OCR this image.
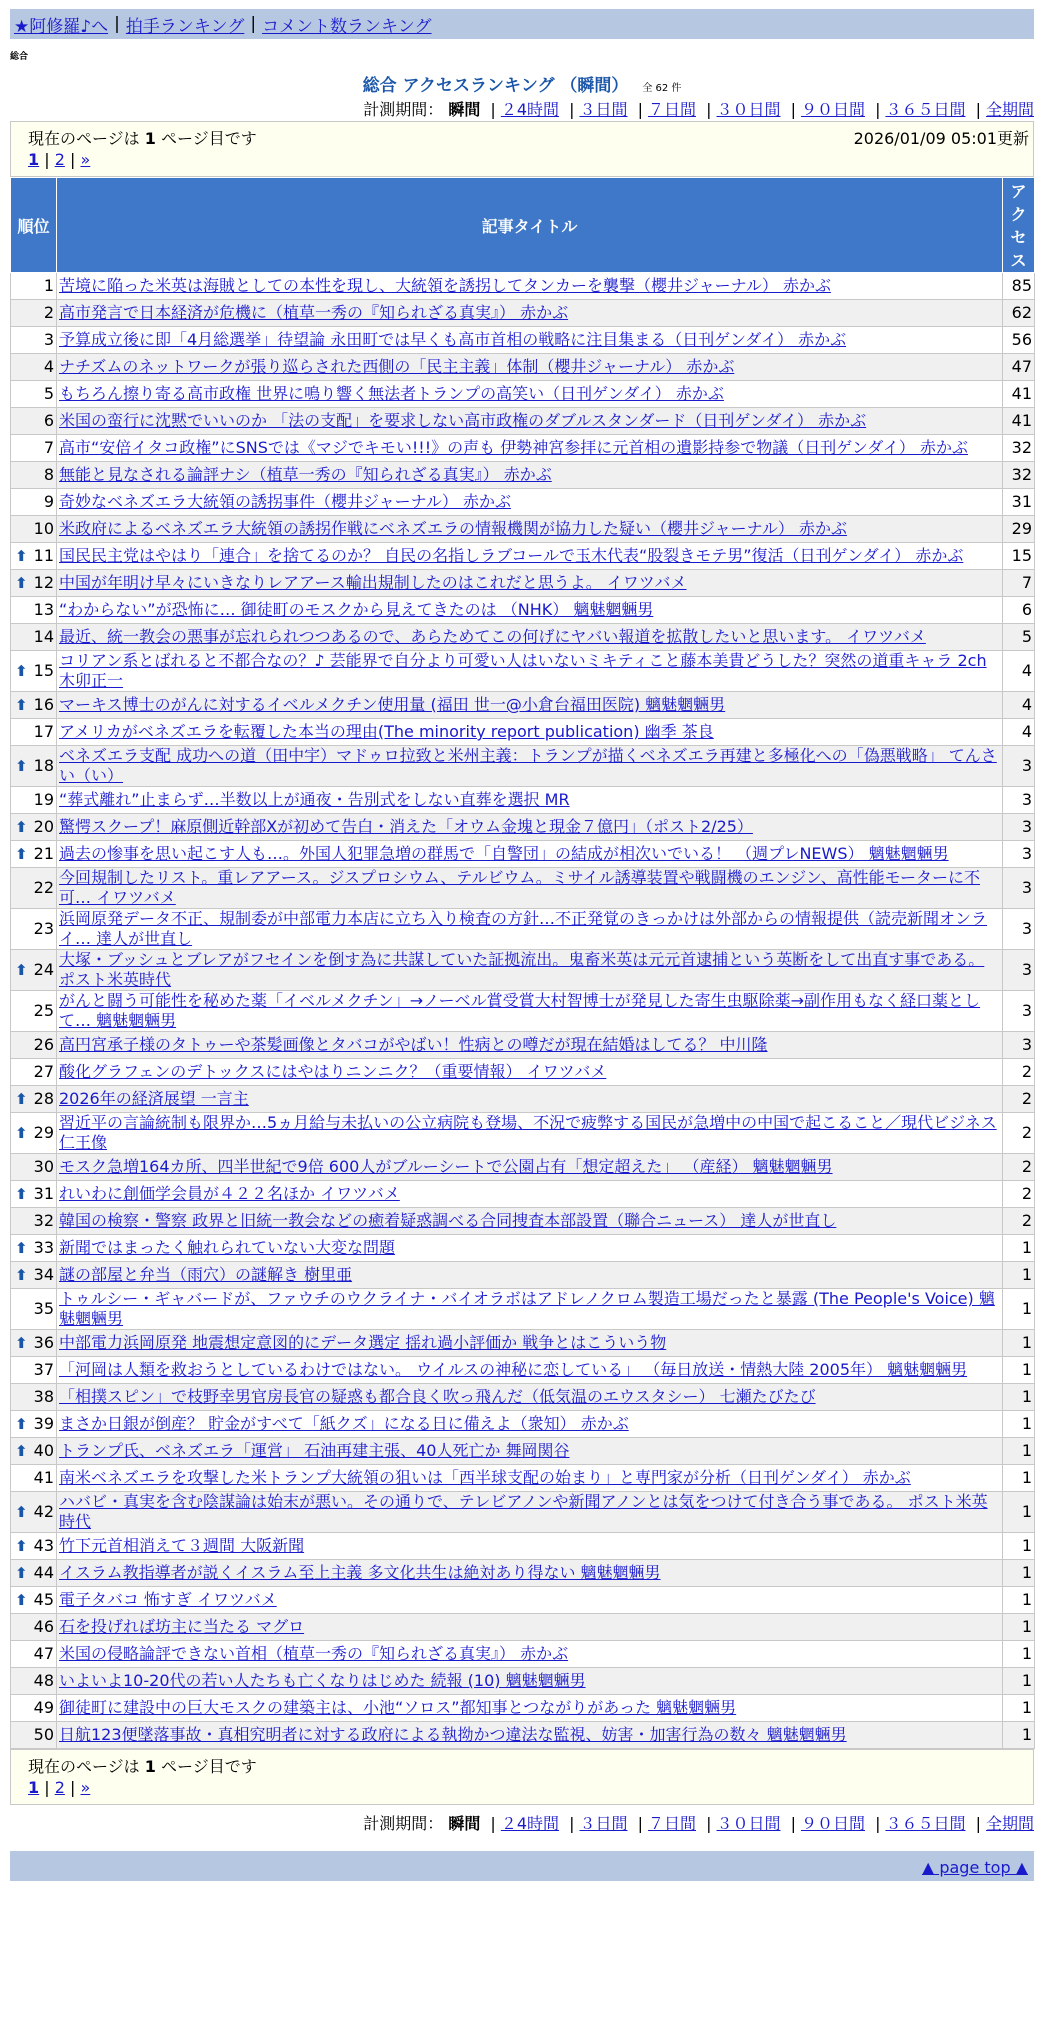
★阿修羅♪へ | 拍手ランキング | コメント数ランキング
総合
総合 アクセスランキング （瞬間） 全 62 件
計測期間： 瞬間 | ２4時間 | ３日間 | ７日間 | ３０日間 | ９０日間 | ３６５日間 | 全期間
現在のページは 1 ページ目です	2026/01/09 05:01更新
1 | 2 | »
順位	記事タイトル	アクセス
1	苦境に陥った米英は海賊としての本性を現し、大統領を誘拐してタンカーを襲撃（櫻井ジャーナル） 赤かぶ	85
2	高市発言で日本経済が危機に（植草一秀の『知られざる真実』） 赤かぶ	62
3	予算成立後に即「4月総選挙」待望論 永田町では早くも高市首相の戦略に注目集まる（日刊ゲンダイ） 赤かぶ	56
4	ナチズムのネットワークが張り巡らされた西側の「民主主義」体制（櫻井ジャーナル） 赤かぶ	47
5	もちろん擦り寄る高市政権 世界に鳴り響く無法者トランプの高笑い（日刊ゲンダイ） 赤かぶ	41
6	米国の蛮行に沈黙でいいのか 「法の支配」を要求しない高市政権のダブルスタンダード（日刊ゲンダイ） 赤かぶ	41
7	高市“安倍イタコ政権”にSNSでは《マジでキモい!!!》の声も 伊勢神宮参拝に元首相の遺影持参で物議（日刊ゲンダイ） 赤かぶ	32
8	無能と見なされる論評ナシ（植草一秀の『知られざる真実』） 赤かぶ	32
9	奇妙なベネズエラ大統領の誘拐事件（櫻井ジャーナル） 赤かぶ	31
10	米政府によるベネズエラ大統領の誘拐作戦にベネズエラの情報機関が協力した疑い（櫻井ジャーナル） 赤かぶ	29

⬆ 11	国民民主党はやはり「連合」を捨てるのか？ 自民の名指しラブコールで玉木代表“股裂きモテ男”復活（日刊ゲンダイ） 赤かぶ	15

⬆ 12	中国が年明け早々にいきなりレアアース輸出規制したのはこれだと思うよ。 イワツバメ	7
13	“わからない”が恐怖に… 御徒町のモスクから見えてきたのは （NHK） 魑魅魍魎男	6
14	最近、統一教会の悪事が忘れられつつあるので、あらためてこの何げにヤバい報道を拡散したいと思います。 イワツバメ	5

⬆ 15	コリアン系とばれると不都合なの？♪ 芸能界で自分より可愛い人はいないミキティこと藤本美貴どうした？突然の道重キャラ 2ch 木卯正一	4

⬆ 16	マーキス博士のがんに対するイベルメクチン使用量 (福田 世一@小倉台福田医院) 魑魅魍魎男	4
17	アメリカがベネズエラを転覆した本当の理由(The minority report publication) 幽季 茶良	4

⬆ 18	ベネズエラ支配 成功への道（田中宇）マドゥロ拉致と米州主義：トランプが描くベネズエラ再建と多極化への「偽悪戦略」 てんさい（い）	3
19	“葬式離れ”止まらず…半数以上が通夜・告別式をしない直葬を選択 MR	3

⬆ 20	驚愕スクープ！麻原側近幹部Xが初めて告白・消えた「オウム金塊と現金７億円」（ポスト2/25）	3

⬆ 21	過去の惨事を思い起こす人も…。外国人犯罪急増の群馬で「自警団」の結成が相次いでいる！ （週プレNEWS） 魑魅魍魎男	3
22	今回規制したリスト。重レアアース。ジスプロシウム、テルビウム。ミサイル誘導装置や戦闘機のエンジン、高性能モーターに不可… イワツバメ	3
23	浜岡原発データ不正、規制委が中部電力本店に立ち入り検査の方針…不正発覚のきっかけは外部からの情報提供（読売新聞オンライ… 達人が世直し	3

⬆ 24	大塚・ブッシュとブレアがフセインを倒す為に共謀していた証拠流出。鬼畜米英は元元首逮捕という英断をして出直す事である。 ポスト米英時代	3
25	がんと闘う可能性を秘めた薬「イベルメクチン」→ノーベル賞受賞大村智博士が発見した寄生虫駆除薬→副作用もなく経口薬として… 魑魅魍魎男	3
26	高円宮承子様のタトゥーや茶髪画像とタバコがやばい！性病との噂だが現在結婚はしてる？ 中川隆	3
27	酸化グラフェンのデトックスにはやはりニンニク？（重要情報） イワツバメ	2

⬆ 28	2026年の経済展望 一言主	2

⬆ 29	習近平の言論統制も限界か…5ヵ月給与未払いの公立病院も登場、不況で疲弊する国民が急増中の中国で起こること／現代ビジネス 仁王像	2
30	モスク急増164カ所、四半世紀で9倍 600人がブルーシートで公園占有「想定超えた」 （産経） 魑魅魍魎男	2

⬆ 31	れいわに創価学会員が４２２名ほか イワツバメ	2
32	韓国の検察・警察 政界と旧統一教会などの癒着疑惑調べる合同捜査本部設置（聯合ニュース） 達人が世直し	2

⬆ 33	新聞ではまったく触れられていない大変な問題	1

⬆ 34	謎の部屋と弁当（雨穴）の謎解き 樹里亜	1
35	トゥルシー・ギャバードが、ファウチのウクライナ・バイオラボはアドレノクロム製造工場だったと暴露 (The People's Voice) 魑魅魍魎男	1

⬆ 36	中部電力浜岡原発 地震想定意図的にデータ選定 揺れ過小評価か 戦争とはこういう物	1
37	「河岡は人類を救おうとしているわけではない。 ウイルスの神秘に恋している」 （毎日放送・情熱大陸 2005年） 魑魅魍魎男	1
38	「相撲スピン」で枝野幸男官房長官の疑惑も都合良く吹っ飛んだ（低気温のエウスタシー） 七瀬たびたび	1

⬆ 39	まさか日銀が倒産？ 貯金がすべて「紙クズ」になる日に備えよ（衆知） 赤かぶ	1

⬆ 40	トランプ氏、ベネズエラ「運営」 石油再建主張、40人死亡か 舞岡関谷	1
41	南米ベネズエラを攻撃した米トランプ大統領の狙いは「西半球支配の始まり」と専門家が分析（日刊ゲンダイ） 赤かぶ	1

⬆ 42	ハバビ・真実を含む陰謀論は始末が悪い。その通りで、テレビアノンや新聞アノンとは気をつけて付き合う事である。 ポスト米英時代	1

⬆ 43	竹下元首相消えて３週間 大阪新聞	1

⬆ 44	イスラム教指導者が説くイスラム至上主義 多文化共生は絶対あり得ない 魑魅魍魎男	1

⬆ 45	電子タバコ 怖すぎ イワツバメ	1
46	石を投げれば坊主に当たる マグロ	1
47	米国の侵略論評できない首相（植草一秀の『知られざる真実』） 赤かぶ	1
48	いよいよ10-20代の若い人たちも亡くなりはじめた 続報 (10) 魑魅魍魎男	1
49	御徒町に建設中の巨大モスクの建築主は、小池“ソロス”都知事とつながりがあった 魑魅魍魎男	1
50	日航123便墜落事故・真相究明者に対する政府による執拗かつ違法な監視、妨害・加害行為の数々 魑魅魍魎男	1
現在のページは 1 ページ目です
1 | 2 | »
計測期間： 瞬間 | ２4時間 | ３日間 | ７日間 | ３０日間 | ９０日間 | ３６５日間 | 全期間
▲ page top ▲
